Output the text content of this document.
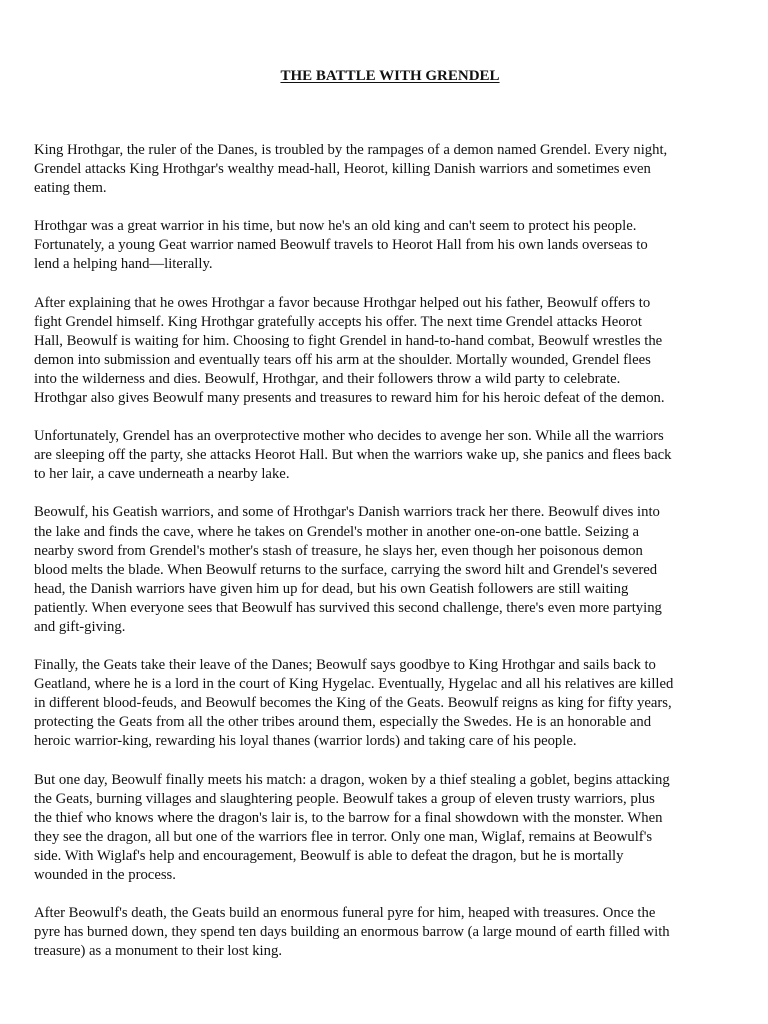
THE BATTLE WITH GRENDEL

King Hrothgar, the ruler of the Danes, is troubled by the rampages of a demon named Grendel. Every night,
Grendel attacks King Hrothgar's wealthy mead-hall, Heorot, killing Danish warriors and sometimes even
eating them.

Hrothgar was a great warrior in his time, but now he's an old king and can't seem to protect his people.
Fortunately, a young Geat warrior named Beowulf travels to Heorot Hall from his own lands overseas to
lend a helping hand—literally.

After explaining that he owes Hrothgar a favor because Hrothgar helped out his father, Beowulf offers to
fight Grendel himself. King Hrothgar gratefully accepts his offer. The next time Grendel attacks Heorot
Hall, Beowulf is waiting for him. Choosing to fight Grendel in hand-to-hand combat, Beowulf wrestles the
demon into submission and eventually tears off his arm at the shoulder. Mortally wounded, Grendel flees
into the wilderness and dies. Beowulf, Hrothgar, and their followers throw a wild party to celebrate.
Hrothgar also gives Beowulf many presents and treasures to reward him for his heroic defeat of the demon.

Unfortunately, Grendel has an overprotective mother who decides to avenge her son. While all the warriors
are sleeping off the party, she attacks Heorot Hall. But when the warriors wake up, she panics and flees back
to her lair, a cave underneath a nearby lake.

Beowulf, his Geatish warriors, and some of Hrothgar's Danish warriors track her there. Beowulf dives into
the lake and finds the cave, where he takes on Grendel's mother in another one-on-one battle. Seizing a
nearby sword from Grendel's mother's stash of treasure, he slays her, even though her poisonous demon
blood melts the blade. When Beowulf returns to the surface, carrying the sword hilt and Grendel's severed
head, the Danish warriors have given him up for dead, but his own Geatish followers are still waiting
patiently. When everyone sees that Beowulf has survived this second challenge, there's even more partying
and gift-giving.

Finally, the Geats take their leave of the Danes; Beowulf says goodbye to King Hrothgar and sails back to
Geatland, where he is a lord in the court of King Hygelac. Eventually, Hygelac and all his relatives are killed
in different blood-feuds, and Beowulf becomes the King of the Geats. Beowulf reigns as king for fifty years,
protecting the Geats from all the other tribes around them, especially the Swedes. He is an honorable and
heroic warrior-king, rewarding his loyal thanes (warrior lords) and taking care of his people.

But one day, Beowulf finally meets his match: a dragon, woken by a thief stealing a goblet, begins attacking
the Geats, burning villages and slaughtering people. Beowulf takes a group of eleven trusty warriors, plus
the thief who knows where the dragon's lair is, to the barrow for a final showdown with the monster. When
they see the dragon, all but one of the warriors flee in terror. Only one man, Wiglaf, remains at Beowulf's
side. With Wiglaf's help and encouragement, Beowulf is able to defeat the dragon, but he is mortally
wounded in the process.

After Beowulf's death, the Geats build an enormous funeral pyre for him, heaped with treasures. Once the
pyre has burned down, they spend ten days building an enormous barrow (a large mound of earth filled with
treasure) as a monument to their lost king.
